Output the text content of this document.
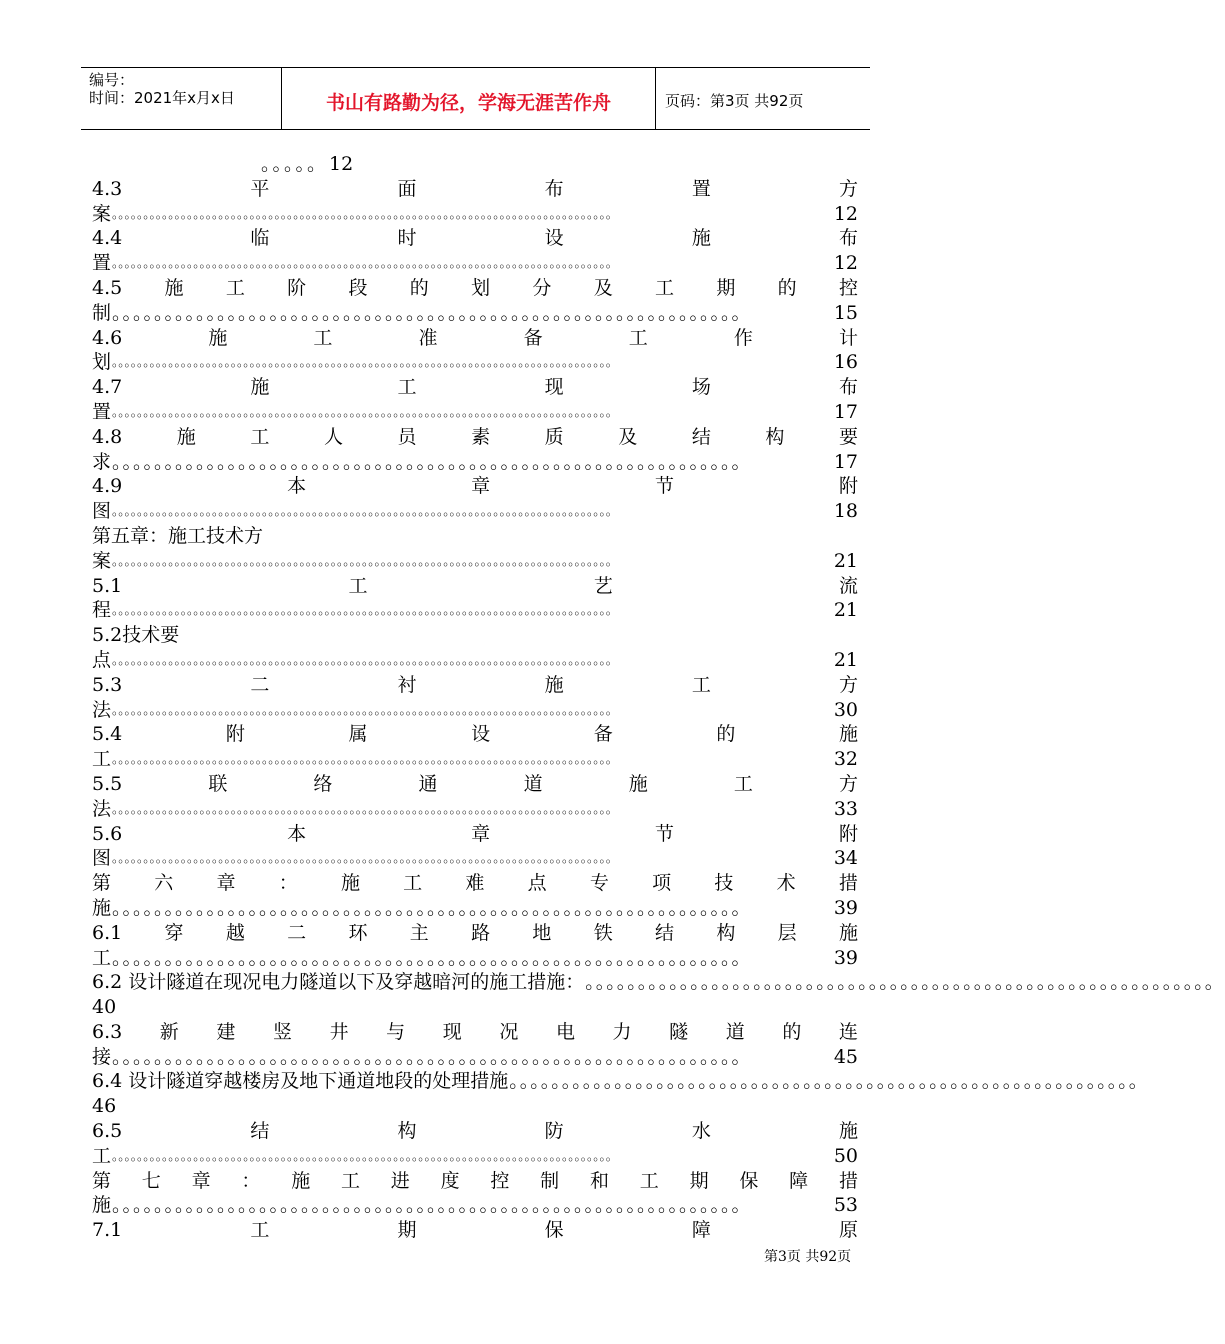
编号：
时间：2021年x月x日	书山有路勤为径，学海无涯苦作舟	页码：第3页 共92页
。。。。。 12
4.3	平	面	布	置	方
案 。。。。。。。。。。。。。。。。。。。。。。。。。。。。。。。。。。。。。。。。。。。。。。。。。。。。。。。。。。。。。。。。。。。。。。。。。。。。。。。。	12
4.4	临	时	设	施	布
置 。。。。。。。。。。。。。。。。。。。。。。。。。。。。。。。。。。。。。。。。。。。。。。。。。。。。。。。。。。。。。。。。。。。。。。。。。。。。。。。。	12
4.5 施 工 阶 段 的 划 分 及 工 期 的 控
制 。。。。。。。。。。。。。。。。。。。。。。。。。。。。。。。。。。。。。。。。。。。。。。。。。。。。。。。。。。。。	15
4.6	施	工	准	备	工	作	计
划 。。。。。。。。。。。。。。。。。。。。。。。。。。。。。。。。。。。。。。。。。。。。。。。。。。。。。。。。。。。。。。。。。。。。。。。。。。。。。。。。	16
4.7	施	工	现	场	布
置 。。。。。。。。。。。。。。。。。。。。。。。。。。。。。。。。。。。。。。。。。。。。。。。。。。。。。。。。。。。。。。。。。。。。。。。。。。。。。。。。	17
4.8	施	工	人	员	素	质	及	结	构	要
求 。。。。。。。。。。。。。。。。。。。。。。。。。。。。。。。。。。。。。。。。。。。。。。。。。。。。。。。。。。。。	17
4.9	本	章	节	附
图 。。。。。。。。。。。。。。。。。。。。。。。。。。。。。。。。。。。。。。。。。。。。。。。。。。。。。。。。。。。。。。。。。。。。。。。。。。。。。。。。	18
第五章：施工技术方
案 。。。。。。。。。。。。。。。。。。。。。。。。。。。。。。。。。。。。。。。。。。。。。。。。。。。。。。。。。。。。。。。。。。。。。。。。。。。。。。。。	21
5.1	工	艺	流
程 。。。。。。。。。。。。。。。。。。。。。。。。。。。。。。。。。。。。。。。。。。。。。。。。。。。。。。。。。。。。。。。。。。。。。。。。。。。。。。。。	21
5.2技术要
点 。。。。。。。。。。。。。。。。。。。。。。。。。。。。。。。。。。。。。。。。。。。。。。。。。。。。。。。。。。。。。。。。。。。。。。。。。。。。。。。。	21
5.3	二	衬	施	工	方
法 。。。。。。。。。。。。。。。。。。。。。。。。。。。。。。。。。。。。。。。。。。。。。。。。。。。。。。。。。。。。。。。。。。。。。。。。。。。。。。。。	30
5.4	附	属	设	备	的	施
工 。。。。。。。。。。。。。。。。。。。。。。。。。。。。。。。。。。。。。。。。。。。。。。。。。。。。。。。。。。。。。。。。。。。。。。。。。。。。。。。。	32
5.5	联	络	通	道	施	工	方
法 。。。。。。。。。。。。。。。。。。。。。。。。。。。。。。。。。。。。。。。。。。。。。。。。。。。。。。。。。。。。。。。。。。。。。。。。。。。。。。。。	33
5.6	本	章	节	附
图 。。。。。。。。。。。。。。。。。。。。。。。。。。。。。。。。。。。。。。。。。。。。。。。。。。。。。。。。。。。。。。。。。。。。。。。。。。。。。。。。	34
第 六 章 ： 施 工 难 点 专 项 技 术 措
施 。。。。。。。。。。。。。。。。。。。。。。。。。。。。。。。。。。。。。。。。。。。。。。。。。。。。。。。。。。。。	39
6.1 穿 越 二 环 主 路 地 铁 结 构 层 施
工 。。。。。。。。。。。。。。。。。。。。。。。。。。。。。。。。。。。。。。。。。。。。。。。。。。。。。。。。。。。。	39
6.2 设计隧道在现况电力隧道以下及穿越暗河的施工措施： 。。。。。。。。。。。。。。。。。。。。。。。。。。。。。。。。。。。。。。。。。。。。。。。。。。。。。。。。。。。。
40
6.3 新 建 竖 井 与 现 况 电 力 隧 道 的 连
接 。。。。。。。。。。。。。。。。。。。。。。。。。。。。。。。。。。。。。。。。。。。。。。。。。。。。。。。。。。。。	45
6.4 设计隧道穿越楼房及地下通道地段的处理措施 。。。。。。。。。。。。。。。。。。。。。。。。。。。。。。。。。。。。。。。。。。。。。。。。。。。。。。。。。。。。
46
6.5	结	构	防	水	施
工 。。。。。。。。。。。。。。。。。。。。。。。。。。。。。。。。。。。。。。。。。。。。。。。。。。。。。。。。。。。。。。。。。。。。。。。。。。。。。。。。	50
第 七 章 ： 施 工 进 度 控 制 和 工 期 保 障 措
施 。。。。。。。。。。。。。。。。。。。。。。。。。。。。。。。。。。。。。。。。。。。。。。。。。。。。。。。。。。。。	53
7.1	工	期	保	障	原
第3页 共92页
